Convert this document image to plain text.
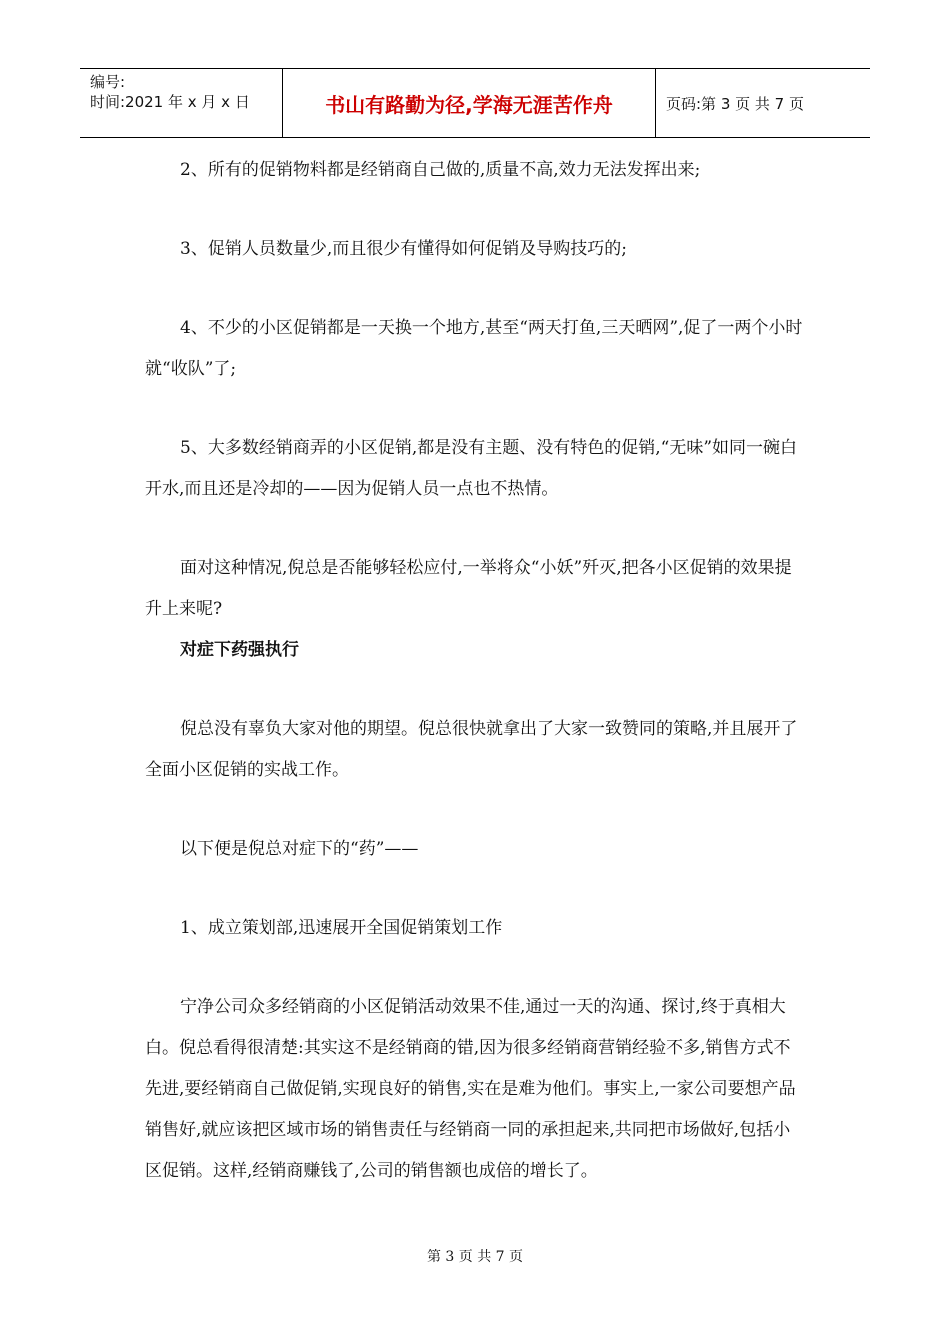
编号:
时间:2021 年 x 月 x 日	书山有路勤为径,学海无涯苦作舟	页码:第 3 页 共 7 页

2、所有的促销物料都是经销商自己做的,质量不高,效力无法发挥出来;

3、促销人员数量少,而且很少有懂得如何促销及导购技巧的;

4、不少的小区促销都是一天换一个地方,甚至“两天打鱼,三天晒网”,促了一两个小时就“收队”了;

5、大多数经销商弄的小区促销,都是没有主题、没有特色的促销,“无味”如同一碗白开水,而且还是冷却的——因为促销人员一点也不热情。

面对这种情况,倪总是否能够轻松应付,一举将众“小妖”歼灭,把各小区促销的效果提升上来呢?

对症下药强执行

倪总没有辜负大家对他的期望。倪总很快就拿出了大家一致赞同的策略,并且展开了全面小区促销的实战工作。

以下便是倪总对症下的“药”——

1、成立策划部,迅速展开全国促销策划工作

宁净公司众多经销商的小区促销活动效果不佳,通过一天的沟通、探讨,终于真相大白。倪总看得很清楚:其实这不是经销商的错,因为很多经销商营销经验不多,销售方式不先进,要经销商自己做促销,实现良好的销售,实在是难为他们。事实上,一家公司要想产品销售好,就应该把区域市场的销售责任与经销商一同的承担起来,共同把市场做好,包括小区促销。这样,经销商赚钱了,公司的销售额也成倍的增长了。

第 3 页 共 7 页
